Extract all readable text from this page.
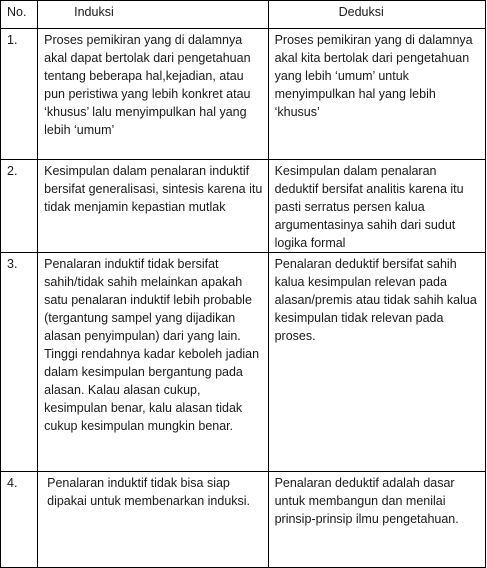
No.	Induksi	Deduksi
1.	Proses pemikiran yang di dalamnya akal dapat bertolak dari pengetahuan tentang beberapa hal,kejadian, atau pun peristiwa yang lebih konkret atau ‘khusus’ lalu menyimpulkan hal yang lebih ‘umum’	Proses pemikiran yang di dalamnya akal kita bertolak dari pengetahuan yang lebih ‘umum’ untuk menyimpulkan hal yang lebih ‘khusus’
2.	Kesimpulan dalam penalaran induktif bersifat generalisasi, sintesis karena itu tidak menjamin kepastian mutlak	Kesimpulan dalam penalaran deduktif bersifat analitis karena itu pasti serratus persen kalua argumentasinya sahih dari sudut logika formal
3.	Penalaran induktif tidak bersifat sahih/tidak sahih melainkan apakah satu penalaran induktif lebih probable (tergantung sampel yang dijadikan alasan penyimpulan) dari yang lain. Tinggi rendahnya kadar keboleh jadian dalam kesimpulan bergantung pada alasan. Kalau alasan cukup, kesimpulan benar, kalu alasan tidak cukup kesimpulan mungkin benar.	Penalaran deduktif bersifat sahih kalua kesimpulan relevan pada alasan/premis atau tidak sahih kalua kesimpulan tidak relevan pada proses.
4.	Penalaran induktif tidak bisa siap dipakai untuk membenarkan induksi.	Penalaran deduktif adalah dasar untuk membangun dan menilai prinsip-prinsip ilmu pengetahuan.
